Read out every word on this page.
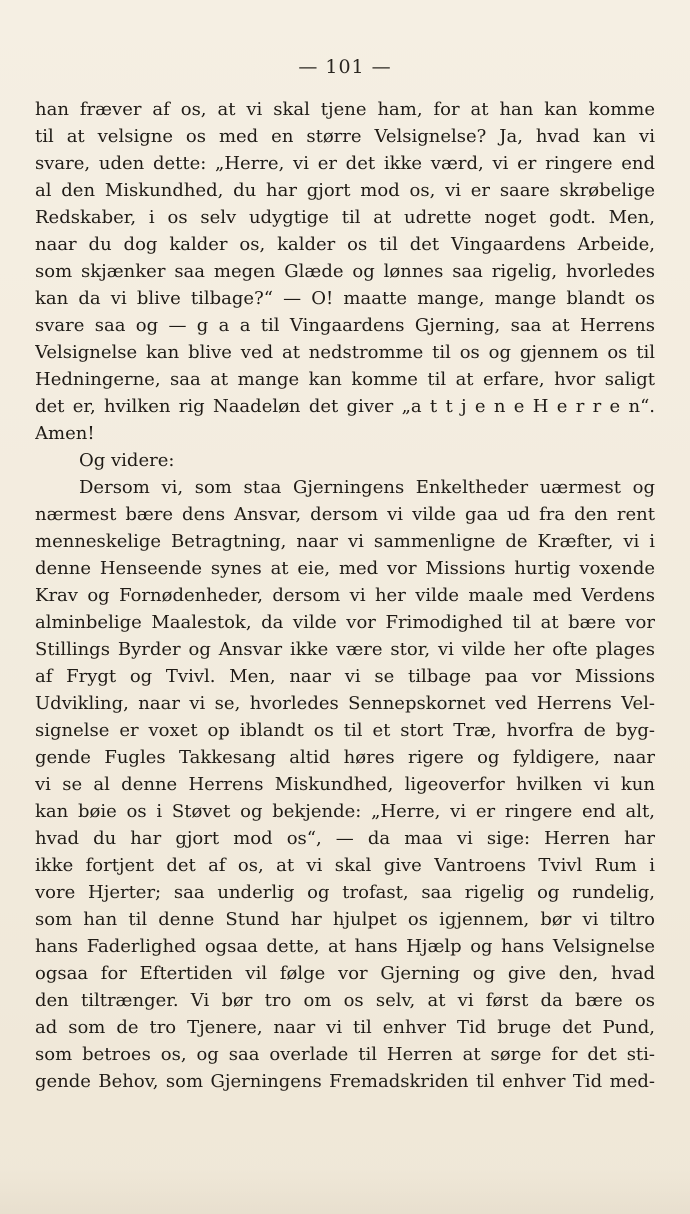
— 101 —
han fræver af os, at vi skal tjene ham, for at han kan komme
til at velsigne os med en større Velsignelse? Ja, hvad kan vi
svare, uden dette: „Herre, vi er det ikke værd, vi er ringere end
al den Miskundhed, du har gjort mod os, vi er saare skrøbelige
Redskaber, i os selv udygtige til at udrette noget godt. Men,
naar du dog kalder os, kalder os til det Vingaardens Arbeide,
som skjænker saa megen Glæde og lønnes saa rigelig, hvorledes
kan da vi blive tilbage?“ — O! maatte mange, mange blandt os
svare saa og — g a a til Vingaardens Gjerning, saa at Herrens
Velsignelse kan blive ved at nedstromme til os og gjennem os til
Hedningerne, saa at mange kan komme til at erfare, hvor saligt
det er, hvilken rig Naadeløn det giver „a t t j e n e H e r r e n“.
Amen!
Og videre:
Dersom vi, som staa Gjerningens Enkeltheder uærmest og
nærmest bære dens Ansvar, dersom vi vilde gaa ud fra den rent
menneskelige Betragtning, naar vi sammenligne de Kræfter, vi i
denne Henseende synes at eie, med vor Missions hurtig voxende
Krav og Fornødenheder, dersom vi her vilde maale med Verdens
alminbelige Maalestok, da vilde vor Frimodighed til at bære vor
Stillings Byrder og Ansvar ikke være stor, vi vilde her ofte plages
af Frygt og Tvivl. Men, naar vi se tilbage paa vor Missions
Udvikling, naar vi se, hvorledes Sennepskornet ved Herrens Vel-
signelse er voxet op iblandt os til et stort Træ, hvorfra de byg-
gende Fugles Takkesang altid høres rigere og fyldigere, naar
vi se al denne Herrens Miskundhed, ligeoverfor hvilken vi kun
kan bøie os i Støvet og bekjende: „Herre, vi er ringere end alt,
hvad du har gjort mod os“, — da maa vi sige: Herren har
ikke fortjent det af os, at vi skal give Vantroens Tvivl Rum i
vore Hjerter; saa underlig og trofast, saa rigelig og rundelig,
som han til denne Stund har hjulpet os igjennem, bør vi tiltro
hans Faderlighed ogsaa dette, at hans Hjælp og hans Velsignelse
ogsaa for Eftertiden vil følge vor Gjerning og give den, hvad
den tiltrænger. Vi bør tro om os selv, at vi først da bære os
ad som de tro Tjenere, naar vi til enhver Tid bruge det Pund,
som betroes os, og saa overlade til Herren at sørge for det sti-
gende Behov, som Gjerningens Fremadskriden til enhver Tid med-
